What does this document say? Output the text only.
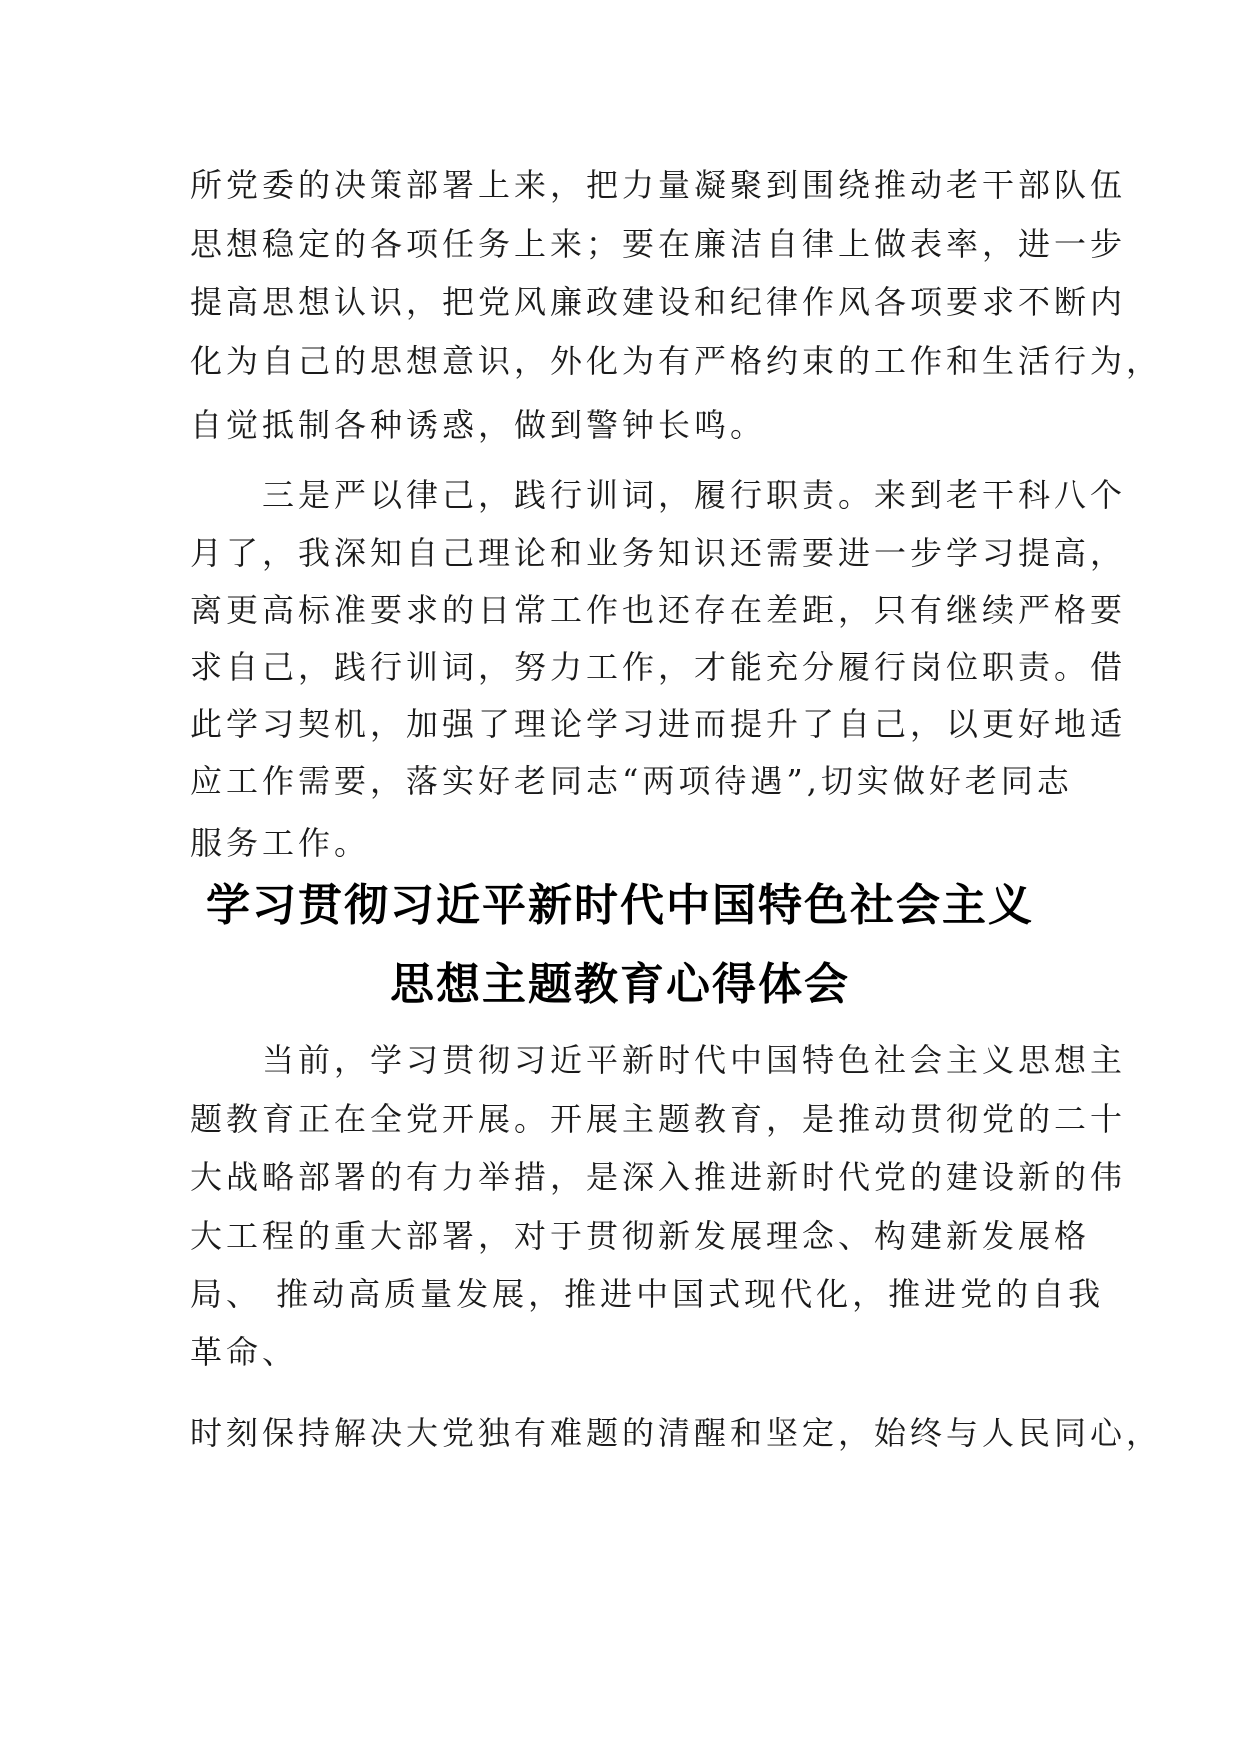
所党委的决策部署上来，把力量凝聚到围绕推动老干部队伍
思想稳定的各项任务上来；要在廉洁自律上做表率，进一步
提高思想认识，把党风廉政建设和纪律作风各项要求不断内
化为自己的思想意识，外化为有严格约束的工作和生活行为，
自觉抵制各种诱惑，做到警钟长鸣。
　　三是严以律己，践行训词，履行职责。来到老干科八个
月了，我深知自己理论和业务知识还需要进一步学习提高，
离更高标准要求的日常工作也还存在差距，只有继续严格要
求自己，践行训词，努力工作，才能充分履行岗位职责。借
此学习契机，加强了理论学习进而提升了自己，以更好地适
应工作需要，落实好老同志“两项待遇”,切实做好老同志
服务工作。
学习贯彻习近平新时代中国特色社会主义
思想主题教育心得体会
　　当前，学习贯彻习近平新时代中国特色社会主义思想主
题教育正在全党开展。开展主题教育，是推动贯彻党的二十
大战略部署的有力举措，是深入推进新时代党的建设新的伟
大工程的重大部署，对于贯彻新发展理念、构建新发展格
局、 推动高质量发展，推进中国式现代化，推进党的自我
革命、
时刻保持解决大党独有难题的清醒和坚定，始终与人民同心，
